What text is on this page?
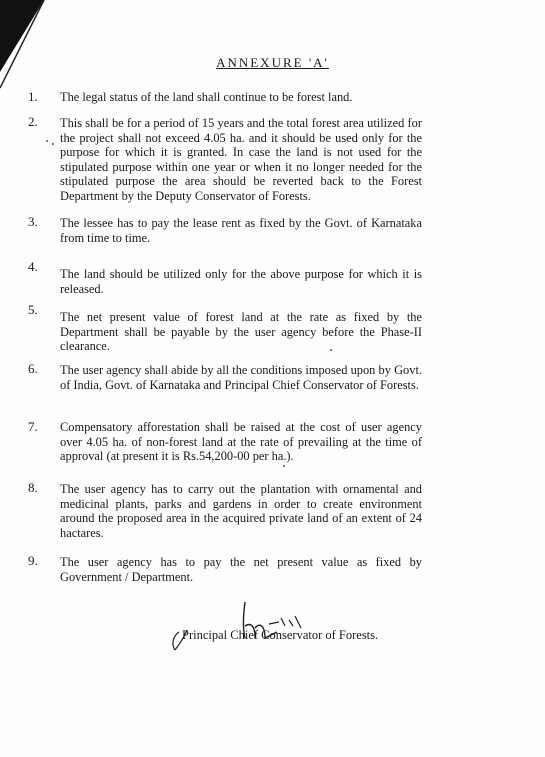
ANNEXURE 'A'
1. The legal status of the land shall continue to be forest land.
2. This shall be for a period of 15 years and the total forest area utilized for the project shall not exceed 4.05 ha. and it should be used only for the purpose for which it is granted. In case the land is not used for the stipulated purpose within one year or when it no longer needed for the stipulated purpose the area should be reverted back to the Forest Department by the Deputy Conservator of Forests.
3. The lessee has to pay the lease rent as fixed by the Govt. of Karnataka from time to time.
4. The land should be utilized only for the above purpose for which it is released.
5. The net present value of forest land at the rate as fixed by the Department shall be payable by the user agency before the Phase-II clearance.
6. The user agency shall abide by all the conditions imposed upon by Govt. of India, Govt. of Karnataka and Principal Chief Conservator of Forests.
7. Compensatory afforestation shall be raised at the cost of user agency over 4.05 ha. of non-forest land at the rate of prevailing at the time of approval (at present it is Rs.54,200-00 per ha.).
8. The user agency has to carry out the plantation with ornamental and medicinal plants, parks and gardens in order to create environment around the proposed area in the acquired private land of an extent of 24 hactares.
9. The user agency has to pay the net present value as fixed by Government / Department.
Principal Chief Conservator of Forests.
